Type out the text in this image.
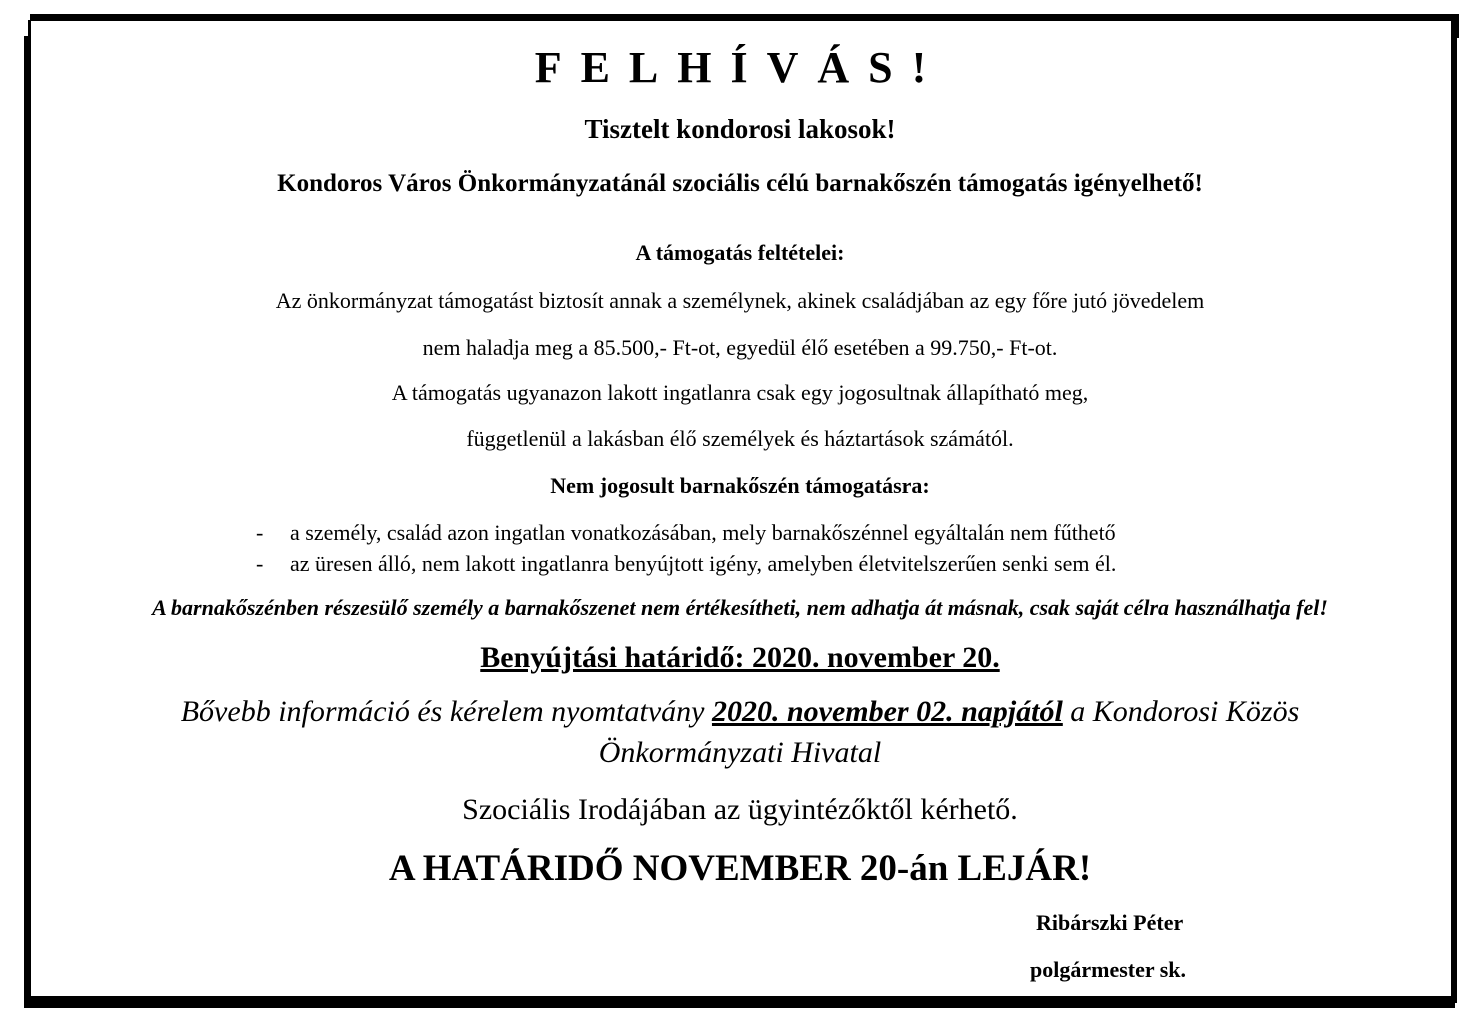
FELHÍVÁS!
Tisztelt kondorosi lakosok!
Kondoros Város Önkormányzatánál szociális célú barnakőszén támogatás igényelhető!
A támogatás feltételei:
Az önkormányzat támogatást biztosít annak a személynek, akinek családjában az egy főre jutó jövedelem
nem haladja meg a 85.500,- Ft-ot, egyedül élő esetében a 99.750,- Ft-ot.
A támogatás ugyanazon lakott ingatlanra csak egy jogosultnak állapítható meg,
függetlenül a lakásban élő személyek és háztartások számától.
Nem jogosult barnakőszén támogatásra:
- a személy, család azon ingatlan vonatkozásában, mely barnakőszénnel egyáltalán nem fűthető
- az üresen álló, nem lakott ingatlanra benyújtott igény, amelyben életvitelszerűen senki sem él.
A barnakőszénben részesülő személy a barnakőszenet nem értékesítheti, nem adhatja át másnak, csak saját célra használhatja fel!
Benyújtási határidő: 2020. november 20.
Bővebb információ és kérelem nyomtatvány 2020. november 02. napjától a Kondorosi Közös
Önkormányzati Hivatal
Szociális Irodájában az ügyintézőktől kérhető.
A HATÁRIDŐ NOVEMBER 20-án LEJÁR!
Ribárszki Péter
polgármester sk.
